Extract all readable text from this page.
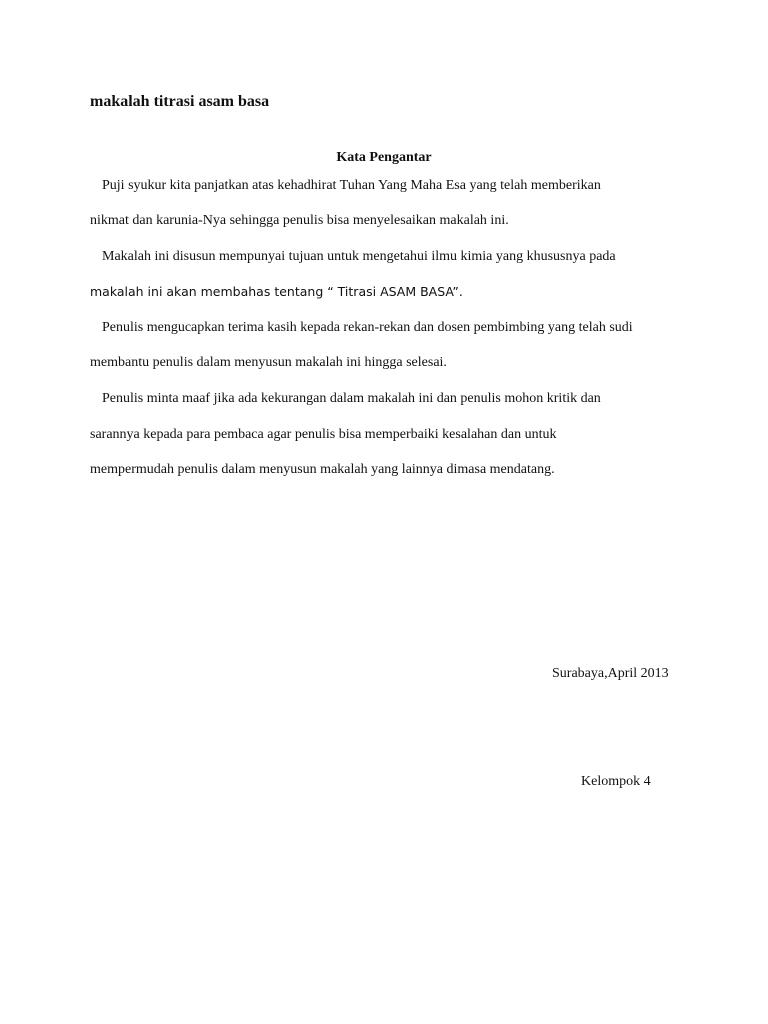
makalah titrasi asam basa
Kata Pengantar
Puji syukur kita panjatkan atas kehadhirat Tuhan Yang Maha Esa yang telah memberikan
nikmat dan karunia-Nya sehingga penulis bisa menyelesaikan makalah ini.
Makalah ini disusun mempunyai tujuan untuk mengetahui ilmu kimia yang khususnya pada
makalah ini akan membahas tentang “ Titrasi ASAM BASA”.
Penulis mengucapkan terima kasih kepada rekan-rekan dan dosen pembimbing yang telah sudi
membantu penulis dalam menyusun makalah ini hingga selesai.
Penulis minta maaf jika ada kekurangan dalam makalah ini dan penulis mohon kritik dan
sarannya kepada para pembaca agar penulis bisa memperbaiki kesalahan dan untuk
mempermudah penulis dalam menyusun makalah yang lainnya dimasa mendatang.
Surabaya,April 2013
Kelompok 4
